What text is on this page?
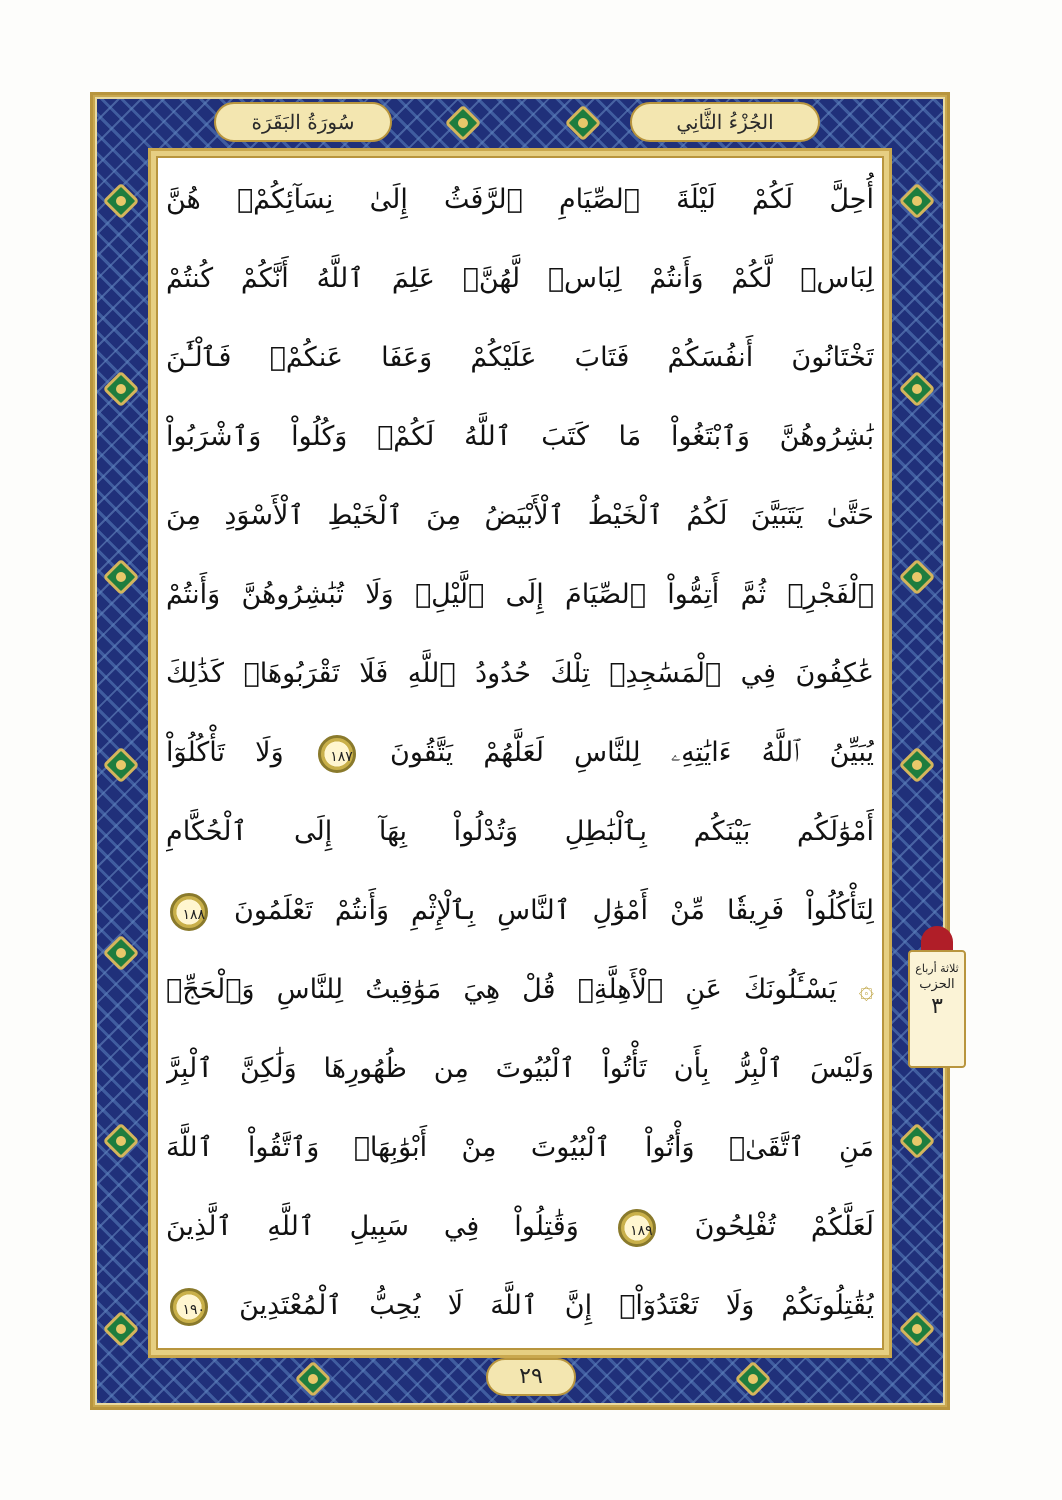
سُورَةُ البَقَرَة	الجُزْءُ الثَّانِي
أُحِلَّ لَكُمْ لَيْلَةَ ٱلصِّيَامِ ٱلرَّفَثُ إِلَىٰ نِسَآئِكُمْۚ هُنَّ
لِبَاسٞ لَّكُمْ وَأَنتُمْ لِبَاسٞ لَّهُنَّۗ عَلِمَ ٱللَّهُ أَنَّكُمْ كُنتُمْ
تَخْتَانُونَ أَنفُسَكُمْ فَتَابَ عَلَيْكُمْ وَعَفَا عَنكُمْۖ فَٱلْـَٰٔنَ
بَٰشِرُوهُنَّ وَٱبْتَغُواْ مَا كَتَبَ ٱللَّهُ لَكُمْۚ وَكُلُواْ وَٱشْرَبُواْ
حَتَّىٰ يَتَبَيَّنَ لَكُمُ ٱلْخَيْطُ ٱلْأَبْيَضُ مِنَ ٱلْخَيْطِ ٱلْأَسْوَدِ مِنَ
ٱلْفَجْرِۖ ثُمَّ أَتِمُّواْ ٱلصِّيَامَ إِلَى ٱلَّيْلِۚ وَلَا تُبَٰشِرُوهُنَّ وَأَنتُمْ
عَٰكِفُونَ فِي ٱلْمَسَٰجِدِۗ تِلْكَ حُدُودُ ٱللَّهِ فَلَا تَقْرَبُوهَاۗ كَذَٰلِكَ
يُبَيِّنُ ٱللَّهُ ءَايَٰتِهِۦ لِلنَّاسِ لَعَلَّهُمْ يَتَّقُونَ ١٨٧ وَلَا تَأْكُلُوٓاْ
أَمْوَٰلَكُم بَيْنَكُم بِٱلْبَٰطِلِ وَتُدْلُواْ بِهَآ إِلَى ٱلْحُكَّامِ
لِتَأْكُلُواْ فَرِيقٗا مِّنْ أَمْوَٰلِ ٱلنَّاسِ بِٱلْإِثْمِ وَأَنتُمْ تَعْلَمُونَ ١٨٨
۞ يَسْـَٔلُونَكَ عَنِ ٱلْأَهِلَّةِۖ قُلْ هِيَ مَوَٰقِيتُ لِلنَّاسِ وَٱلْحَجِّۗ
وَلَيْسَ ٱلْبِرُّ بِأَن تَأْتُواْ ٱلْبُيُوتَ مِن ظُهُورِهَا وَلَٰكِنَّ ٱلْبِرَّ
مَنِ ٱتَّقَىٰۗ وَأْتُواْ ٱلْبُيُوتَ مِنْ أَبْوَٰبِهَاۚ وَٱتَّقُواْ ٱللَّهَ
لَعَلَّكُمْ تُفْلِحُونَ ١٨٩ وَقَٰتِلُواْ فِي سَبِيلِ ٱللَّهِ ٱلَّذِينَ
يُقَٰتِلُونَكُمْ وَلَا تَعْتَدُوٓاْۚ إِنَّ ٱللَّهَ لَا يُحِبُّ ٱلْمُعْتَدِينَ ١٩٠
ثلاثة أرباع
الحزب
٣
٢٩
